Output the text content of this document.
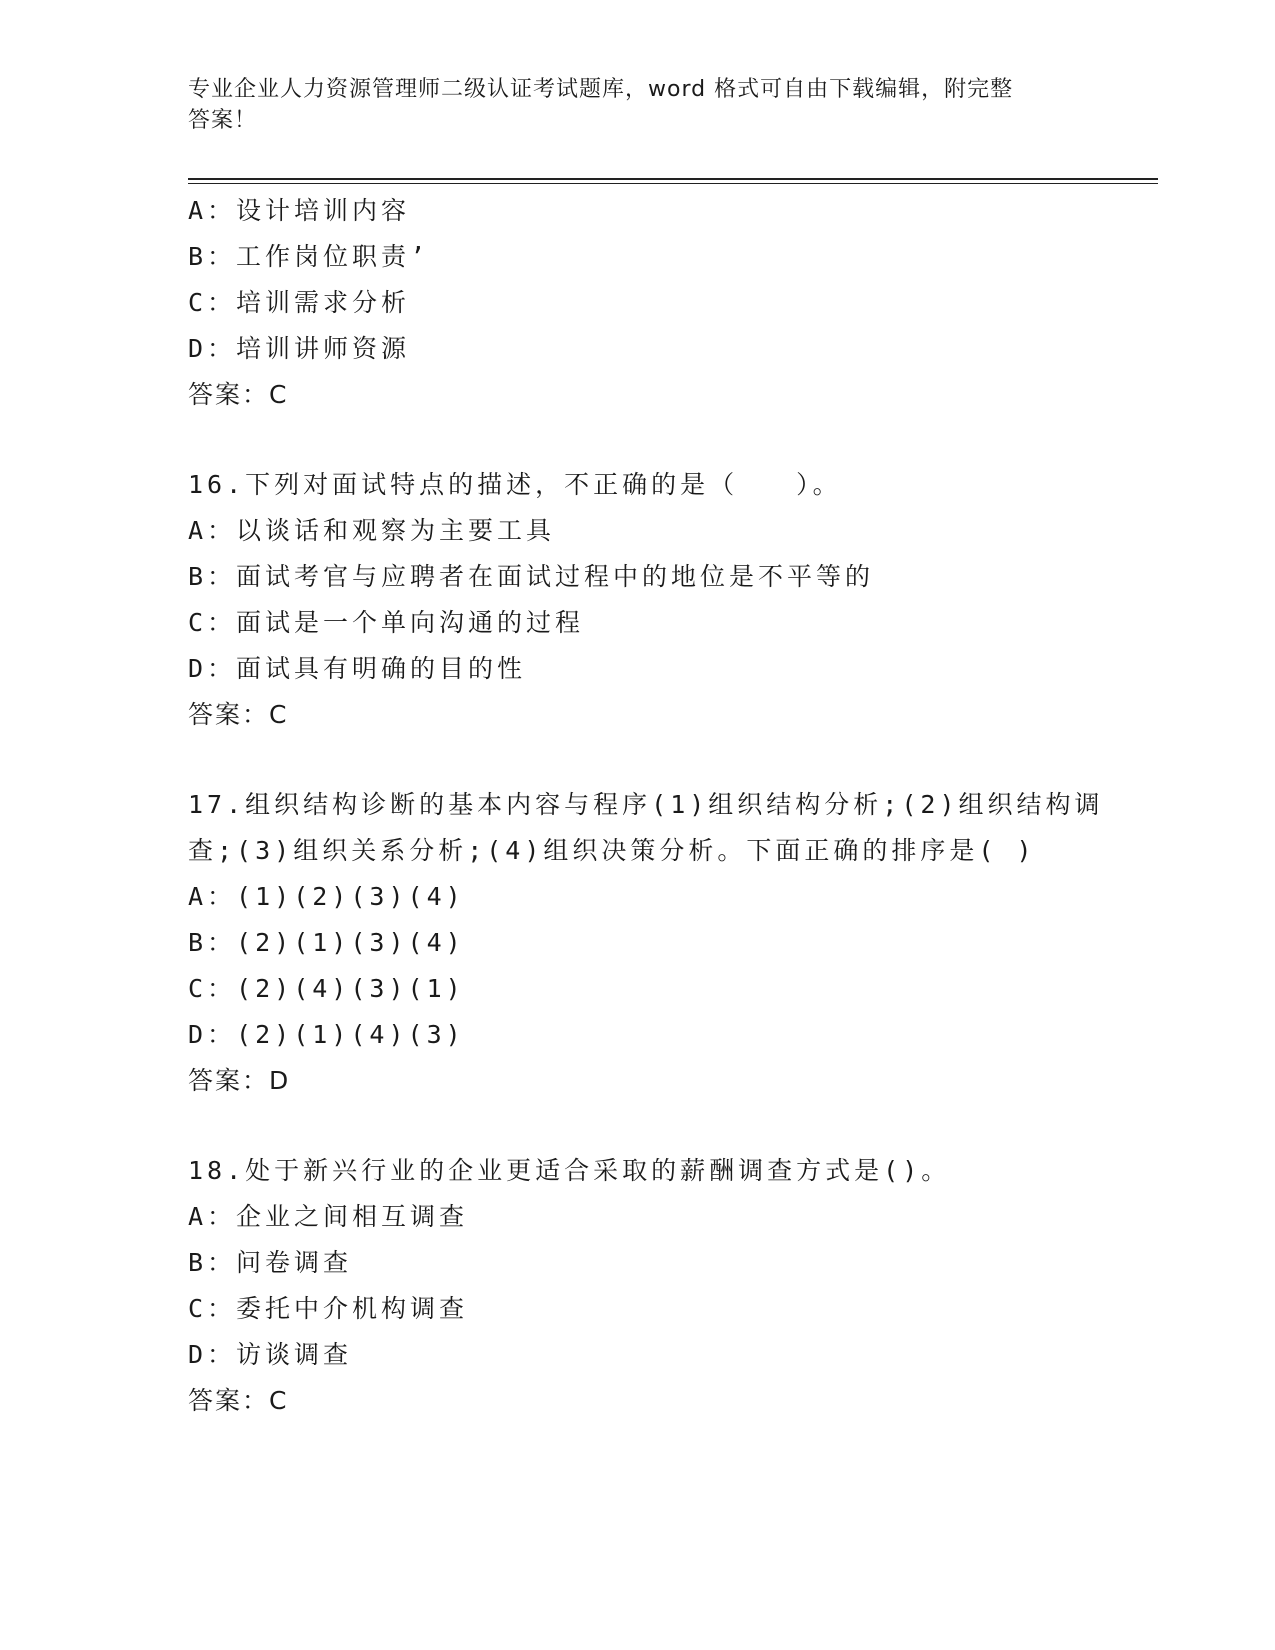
专业企业人力资源管理师二级认证考试题库，word 格式可自由下载编辑，附完整
答案！
A：设计培训内容
B：工作岗位职责’
C：培训需求分析
D：培训讲师资源
答案：C
16.下列对面试特点的描述，不正确的是（　　）。
A：以谈话和观察为主要工具
B：面试考官与应聘者在面试过程中的地位是不平等的
C：面试是一个单向沟通的过程
D：面试具有明确的目的性
答案：C
17.组织结构诊断的基本内容与程序(1)组织结构分析;(2)组织结构调
查;(3)组织关系分析;(4)组织决策分析。下面正确的排序是( )
A：(1)(2)(3)(4)
B：(2)(1)(3)(4)
C：(2)(4)(3)(1)
D：(2)(1)(4)(3)
答案：D
18.处于新兴行业的企业更适合采取的薪酬调查方式是()。
A：企业之间相互调查
B：问卷调查
C：委托中介机构调查
D：访谈调查
答案：C
